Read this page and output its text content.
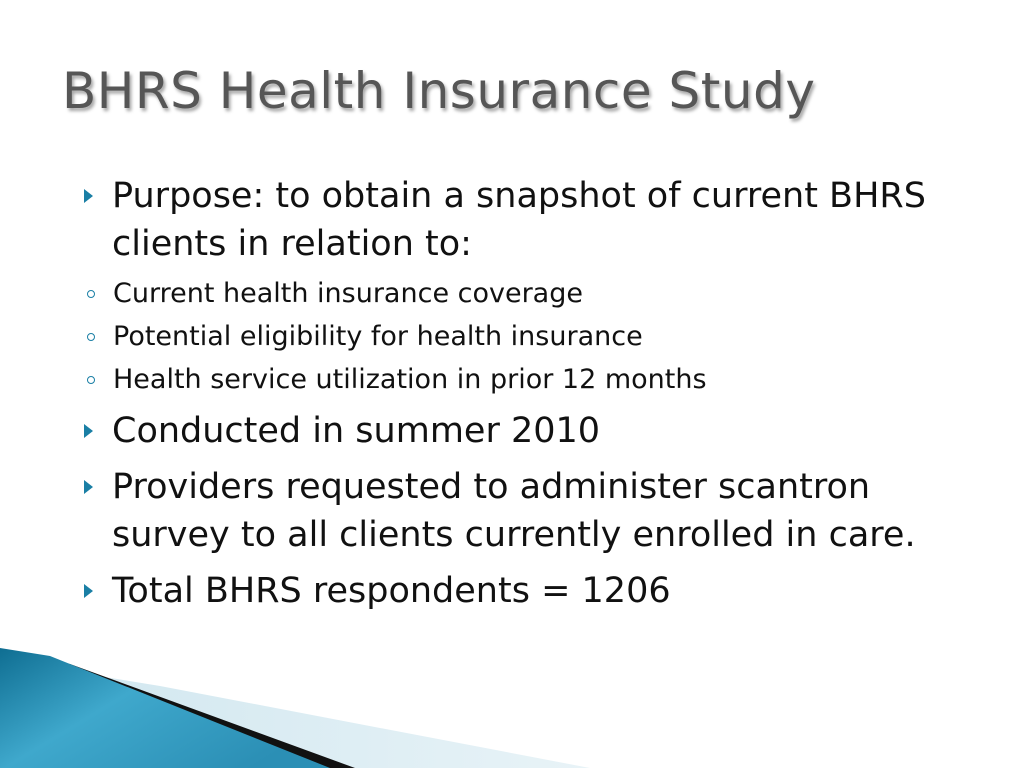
BHRS Health Insurance Study
Purpose: to obtain a snapshot of current BHRS clients in relation to:
Current health insurance coverage
Potential eligibility for health insurance
Health service utilization in prior 12 months
Conducted in summer 2010
Providers requested to administer scantron survey to all clients currently enrolled in care.
Total BHRS respondents = 1206
